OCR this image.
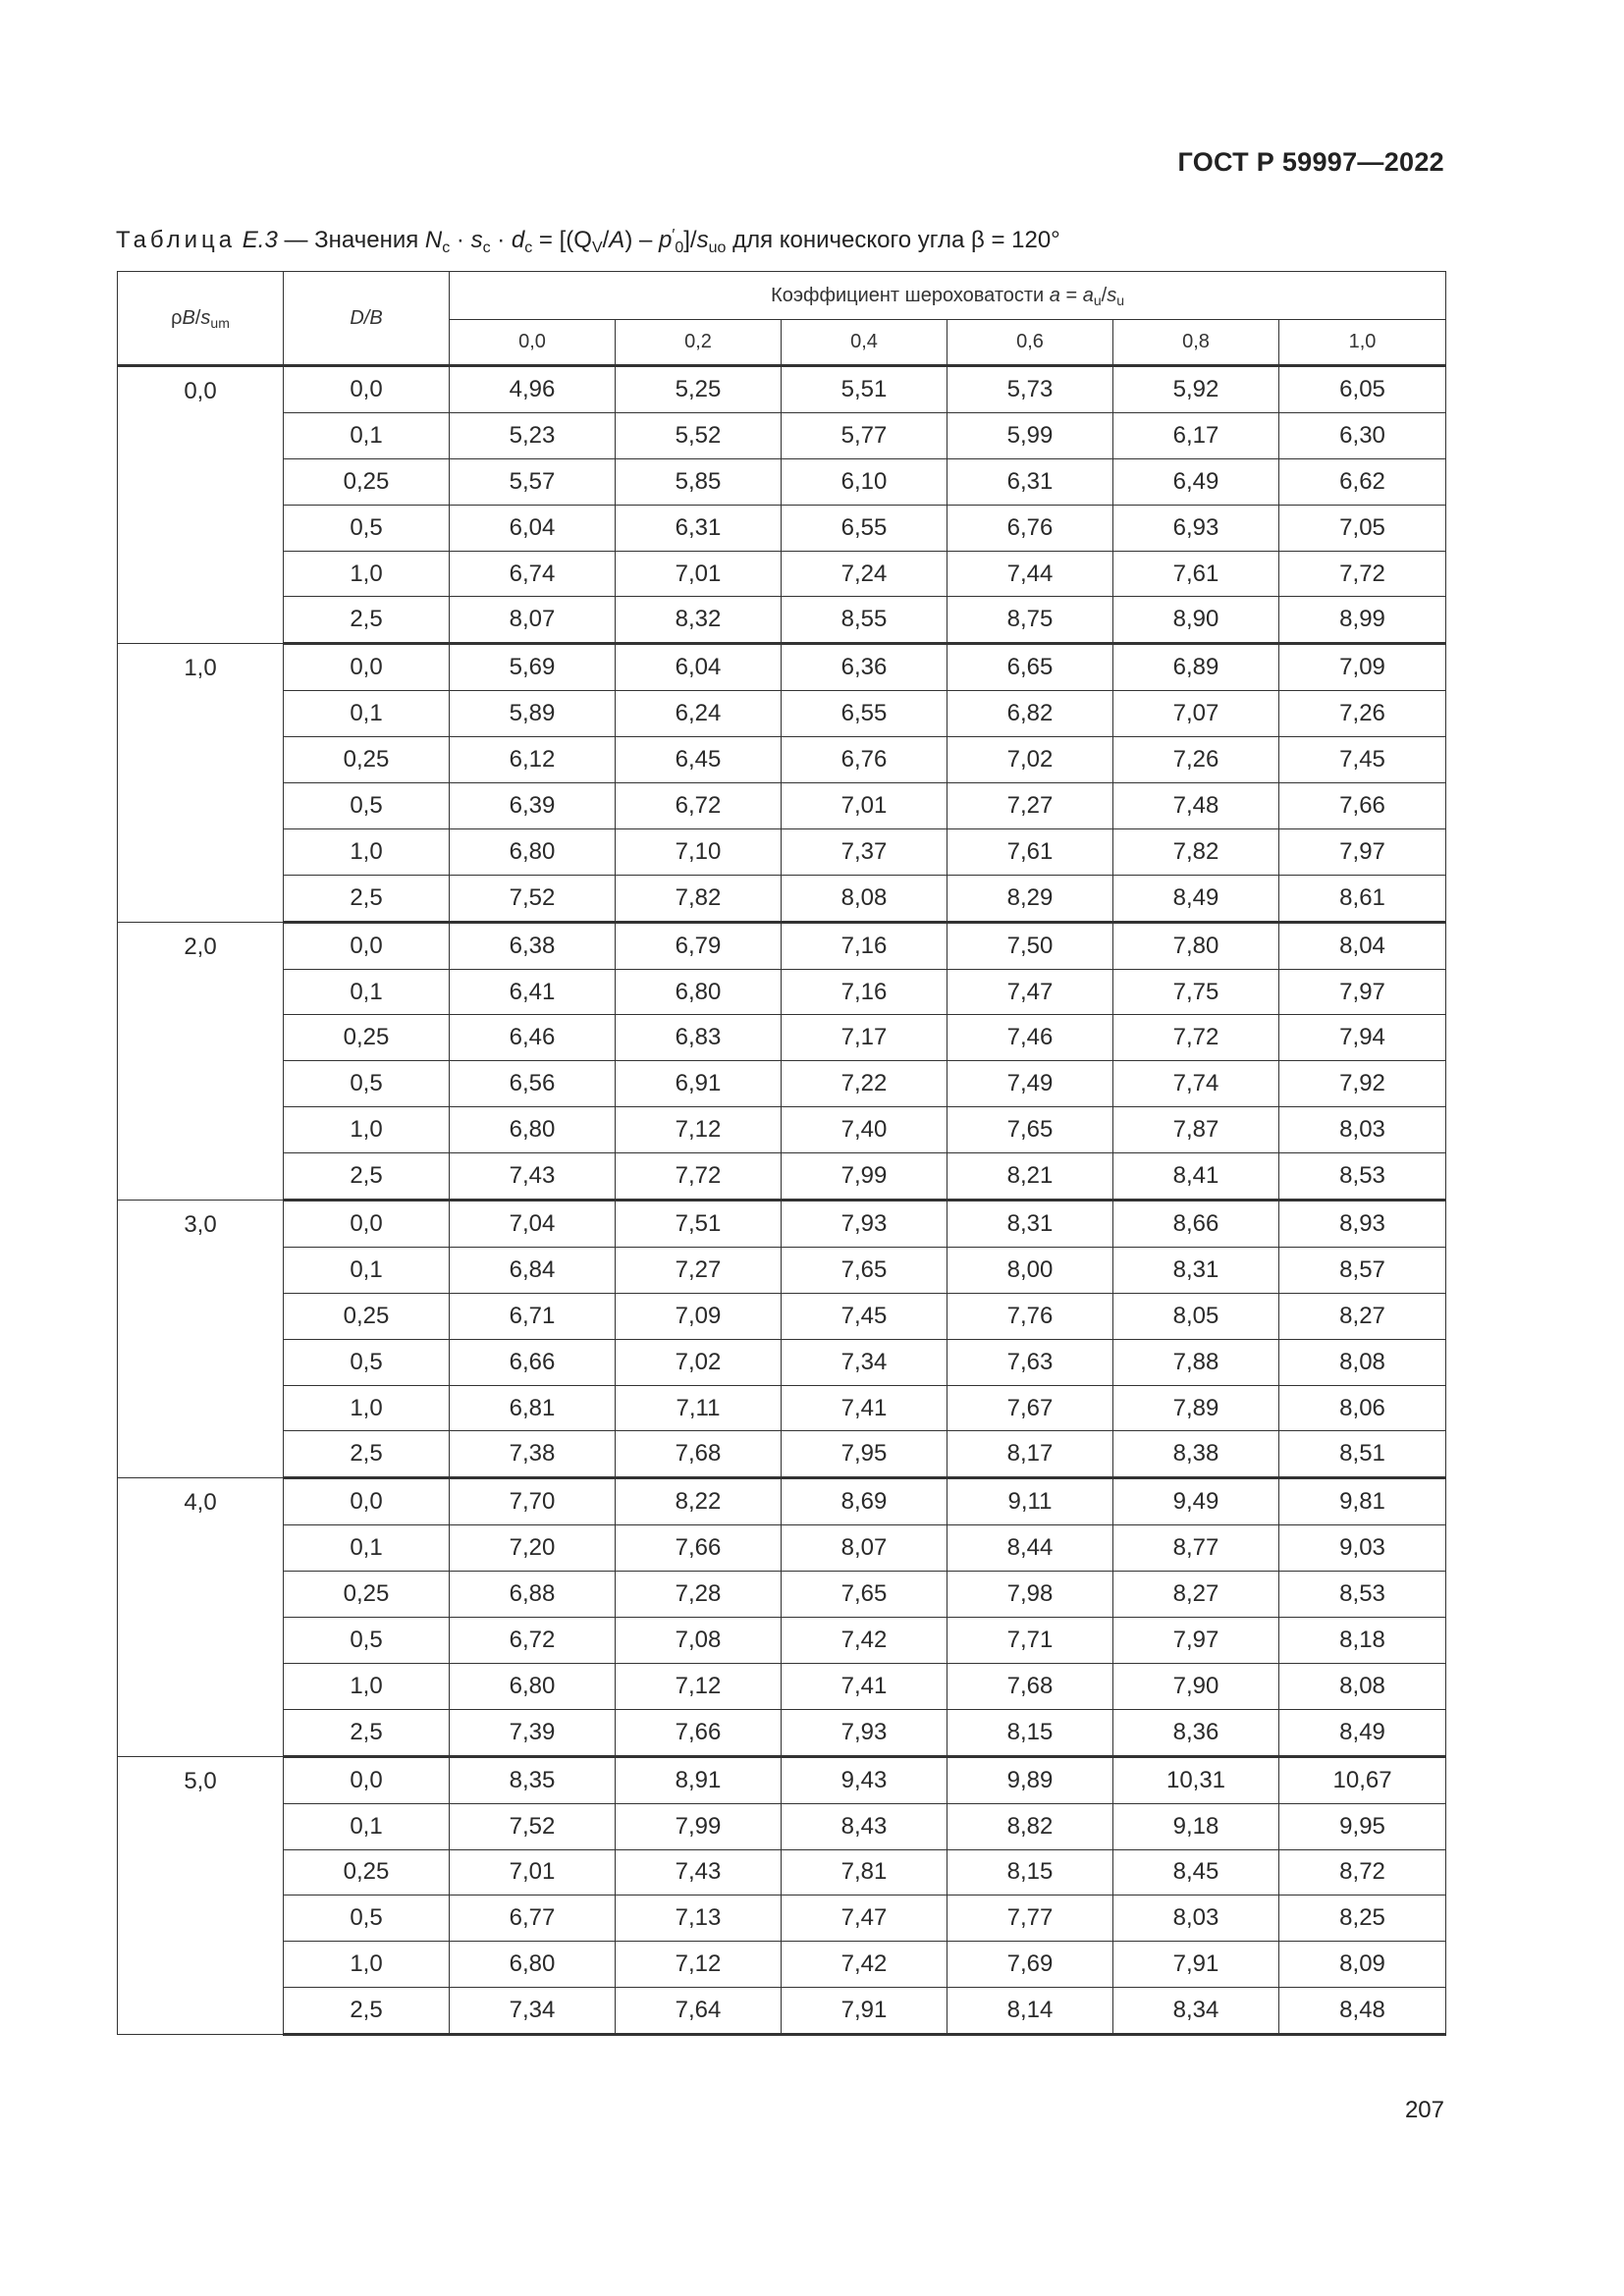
ГОСТ Р 59997—2022
Таблица E.3 — Значения $N_c \cdot s_c \cdot d_c = [(Q_V/A) - p'_0]/s_{uo}$ для конического угла β = 120°
$\rho B/s_{um}$	D/B	Коэффициент шероховатости $a = a_u/s_u$
		0,0	0,2	0,4	0,6	0,8	1,0
0,0	0,0	4,96	5,25	5,51	5,73	5,92	6,05
	0,1	5,23	5,52	5,77	5,99	6,17	6,30
	0,25	5,57	5,85	6,10	6,31	6,49	6,62
	0,5	6,04	6,31	6,55	6,76	6,93	7,05
	1,0	6,74	7,01	7,24	7,44	7,61	7,72
	2,5	8,07	8,32	8,55	8,75	8,90	8,99
1,0	0,0	5,69	6,04	6,36	6,65	6,89	7,09
	0,1	5,89	6,24	6,55	6,82	7,07	7,26
	0,25	6,12	6,45	6,76	7,02	7,26	7,45
	0,5	6,39	6,72	7,01	7,27	7,48	7,66
	1,0	6,80	7,10	7,37	7,61	7,82	7,97
	2,5	7,52	7,82	8,08	8,29	8,49	8,61
2,0	0,0	6,38	6,79	7,16	7,50	7,80	8,04
	0,1	6,41	6,80	7,16	7,47	7,75	7,97
	0,25	6,46	6,83	7,17	7,46	7,72	7,94
	0,5	6,56	6,91	7,22	7,49	7,74	7,92
	1,0	6,80	7,12	7,40	7,65	7,87	8,03
	2,5	7,43	7,72	7,99	8,21	8,41	8,53
3,0	0,0	7,04	7,51	7,93	8,31	8,66	8,93
	0,1	6,84	7,27	7,65	8,00	8,31	8,57
	0,25	6,71	7,09	7,45	7,76	8,05	8,27
	0,5	6,66	7,02	7,34	7,63	7,88	8,08
	1,0	6,81	7,11	7,41	7,67	7,89	8,06
	2,5	7,38	7,68	7,95	8,17	8,38	8,51
4,0	0,0	7,70	8,22	8,69	9,11	9,49	9,81
	0,1	7,20	7,66	8,07	8,44	8,77	9,03
	0,25	6,88	7,28	7,65	7,98	8,27	8,53
	0,5	6,72	7,08	7,42	7,71	7,97	8,18
	1,0	6,80	7,12	7,41	7,68	7,90	8,08
	2,5	7,39	7,66	7,93	8,15	8,36	8,49
5,0	0,0	8,35	8,91	9,43	9,89	10,31	10,67
	0,1	7,52	7,99	8,43	8,82	9,18	9,95
	0,25	7,01	7,43	7,81	8,15	8,45	8,72
	0,5	6,77	7,13	7,47	7,77	8,03	8,25
	1,0	6,80	7,12	7,42	7,69	7,91	8,09
	2,5	7,34	7,64	7,91	8,14	8,34	8,48
207
